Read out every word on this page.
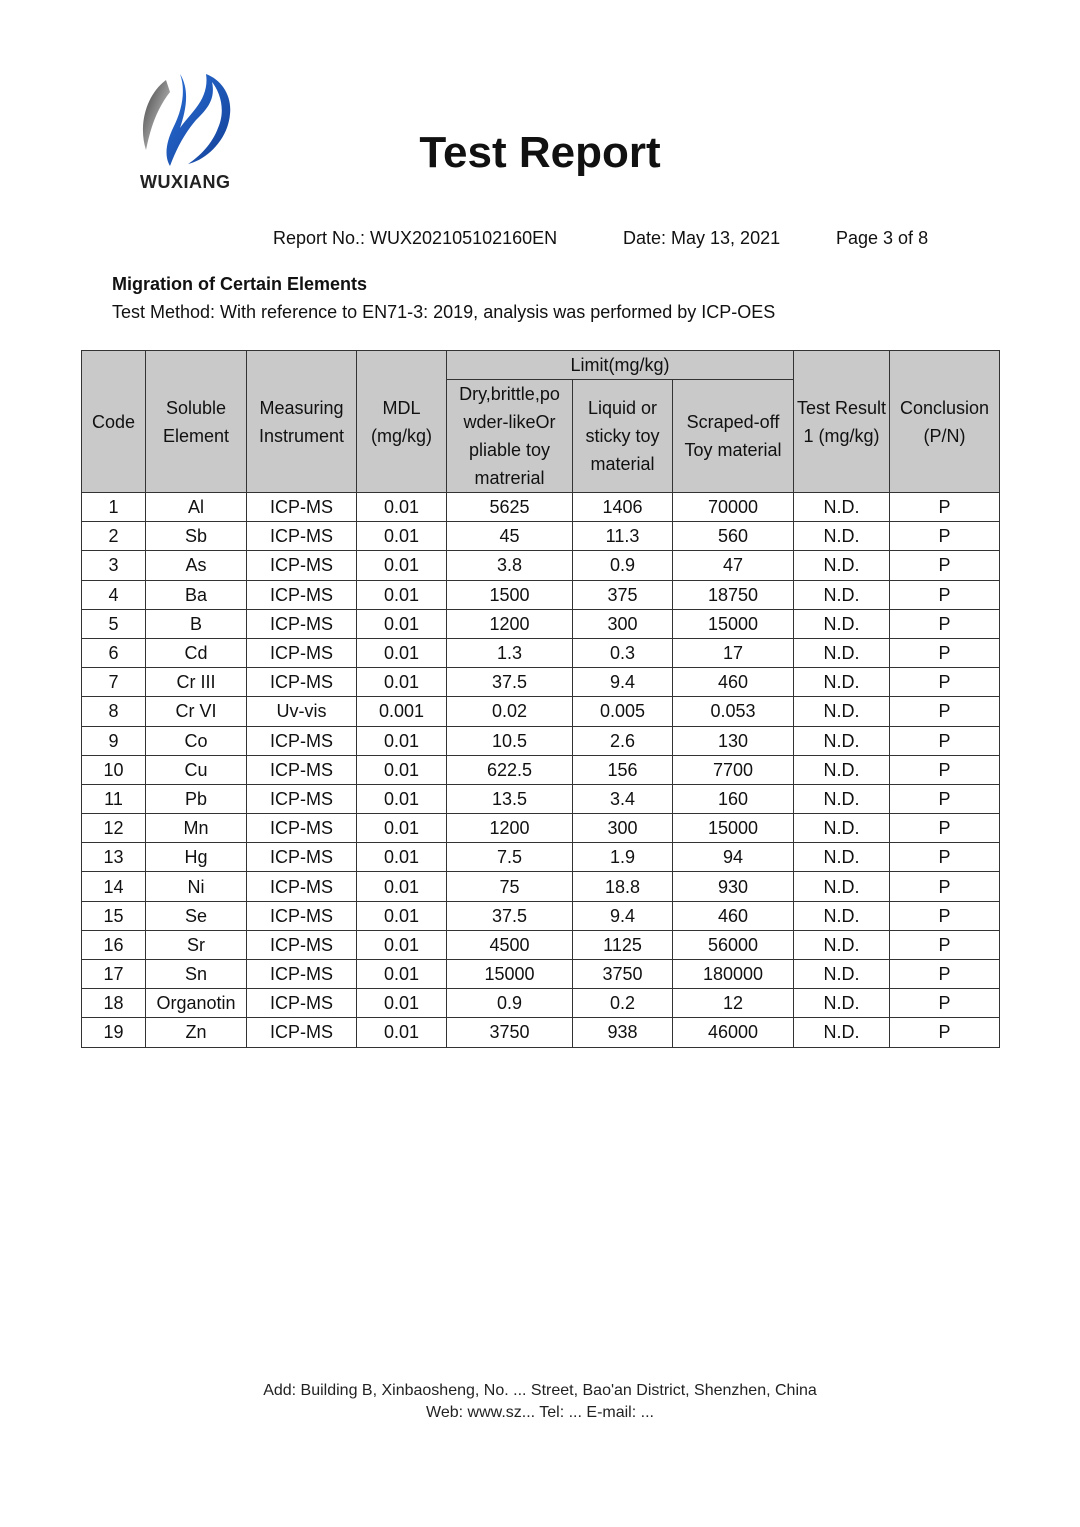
WUXIANG
Test Report
Report No.: WUX202105102160EN	Date: May 13, 2021	Page 3 of 8
Migration of Certain Elements
Test Method: With reference to EN71-3: 2019, analysis was performed by ICP-OES
Code	Soluble Element	Measuring Instrument	MDL (mg/kg)	Limit(mg/kg)			Test Result 1 (mg/kg)	Conclusion (P/N)
				Dry,brittle,po wder-likeOr pliable toy matrerial	Liquid or sticky toy material	Scraped-off Toy material		
1	Al	ICP-MS	0.01	5625	1406	70000	N.D.	P
2	Sb	ICP-MS	0.01	45	11.3	560	N.D.	P
3	As	ICP-MS	0.01	3.8	0.9	47	N.D.	P
4	Ba	ICP-MS	0.01	1500	375	18750	N.D.	P
5	B	ICP-MS	0.01	1200	300	15000	N.D.	P
6	Cd	ICP-MS	0.01	1.3	0.3	17	N.D.	P
7	Cr III	ICP-MS	0.01	37.5	9.4	460	N.D.	P
8	Cr VI	Uv-vis	0.001	0.02	0.005	0.053	N.D.	P
9	Co	ICP-MS	0.01	10.5	2.6	130	N.D.	P
10	Cu	ICP-MS	0.01	622.5	156	7700	N.D.	P
11	Pb	ICP-MS	0.01	13.5	3.4	160	N.D.	P
12	Mn	ICP-MS	0.01	1200	300	15000	N.D.	P
13	Hg	ICP-MS	0.01	7.5	1.9	94	N.D.	P
14	Ni	ICP-MS	0.01	75	18.8	930	N.D.	P
15	Se	ICP-MS	0.01	37.5	9.4	460	N.D.	P
16	Sr	ICP-MS	0.01	4500	1125	56000	N.D.	P
17	Sn	ICP-MS	0.01	15000	3750	180000	N.D.	P
18	Organotin	ICP-MS	0.01	0.9	0.2	12	N.D.	P
19	Zn	ICP-MS	0.01	3750	938	46000	N.D.	P
Add: Building B, Xinbaosheng, No. ... Street, Bao'an District, Shenzhen, China
Web: www.sz... Tel: ... E-mail: ...
